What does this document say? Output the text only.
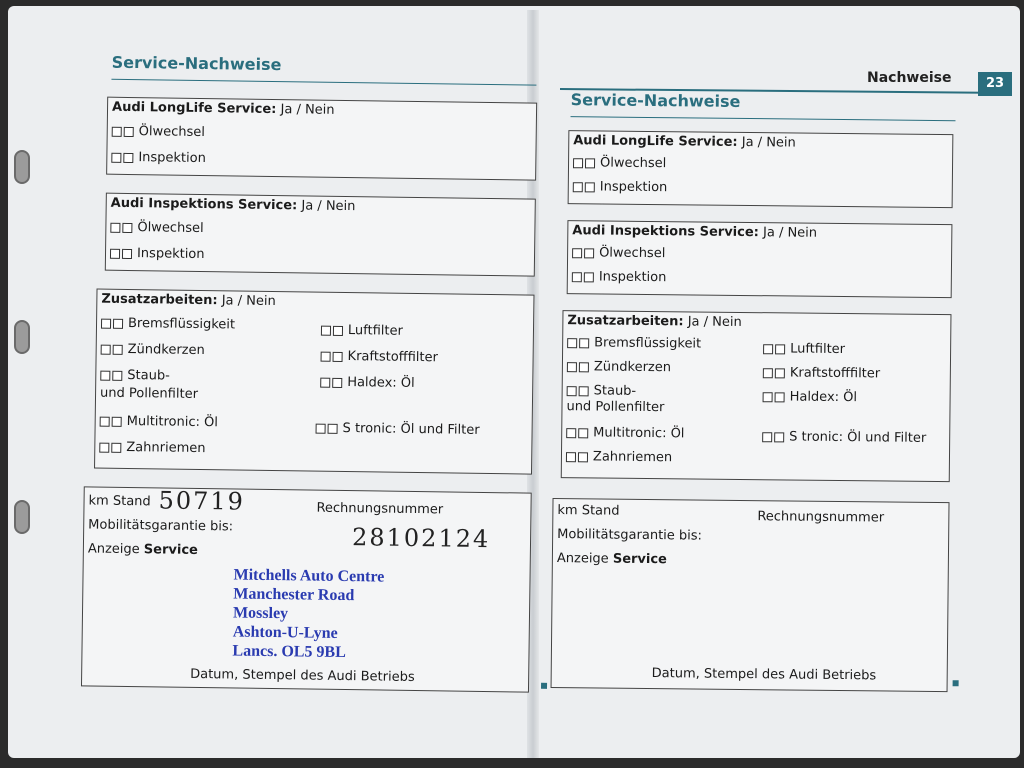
Nachweise	23
Service-Nachweise
Audi LongLife Service: Ja / Nein
Ölwechsel
Inspektion
Audi Inspektions Service: Ja / Nein
Ölwechsel
Inspektion
Zusatzarbeiten: Ja / Nein
Bremsflüssigkeit
Zündkerzen
Staub-
und Pollenfilter
Multitronic: Öl
Zahnriemen
Luftfilter
Kraftstofffilter
Haldex: Öl
S tronic: Öl und Filter
km Stand 50719	Rechnungsnummer
Mobilitätsgarantie bis:	28102124
Anzeige Service
Mitchells Auto Centre
Manchester Road
Mossley
Ashton-U-Lyne
Lancs. OL5 9BL
Datum, Stempel des Audi Betriebs
Service-Nachweise
Audi LongLife Service: Ja / Nein
Ölwechsel
Inspektion
Audi Inspektions Service: Ja / Nein
Ölwechsel
Inspektion
Zusatzarbeiten: Ja / Nein
Bremsflüssigkeit
Zündkerzen
Staub-
und Pollenfilter
Multitronic: Öl
Zahnriemen
Luftfilter
Kraftstofffilter
Haldex: Öl
S tronic: Öl und Filter
km Stand	Rechnungsnummer
Mobilitätsgarantie bis:
Anzeige Service
Datum, Stempel des Audi Betriebs
